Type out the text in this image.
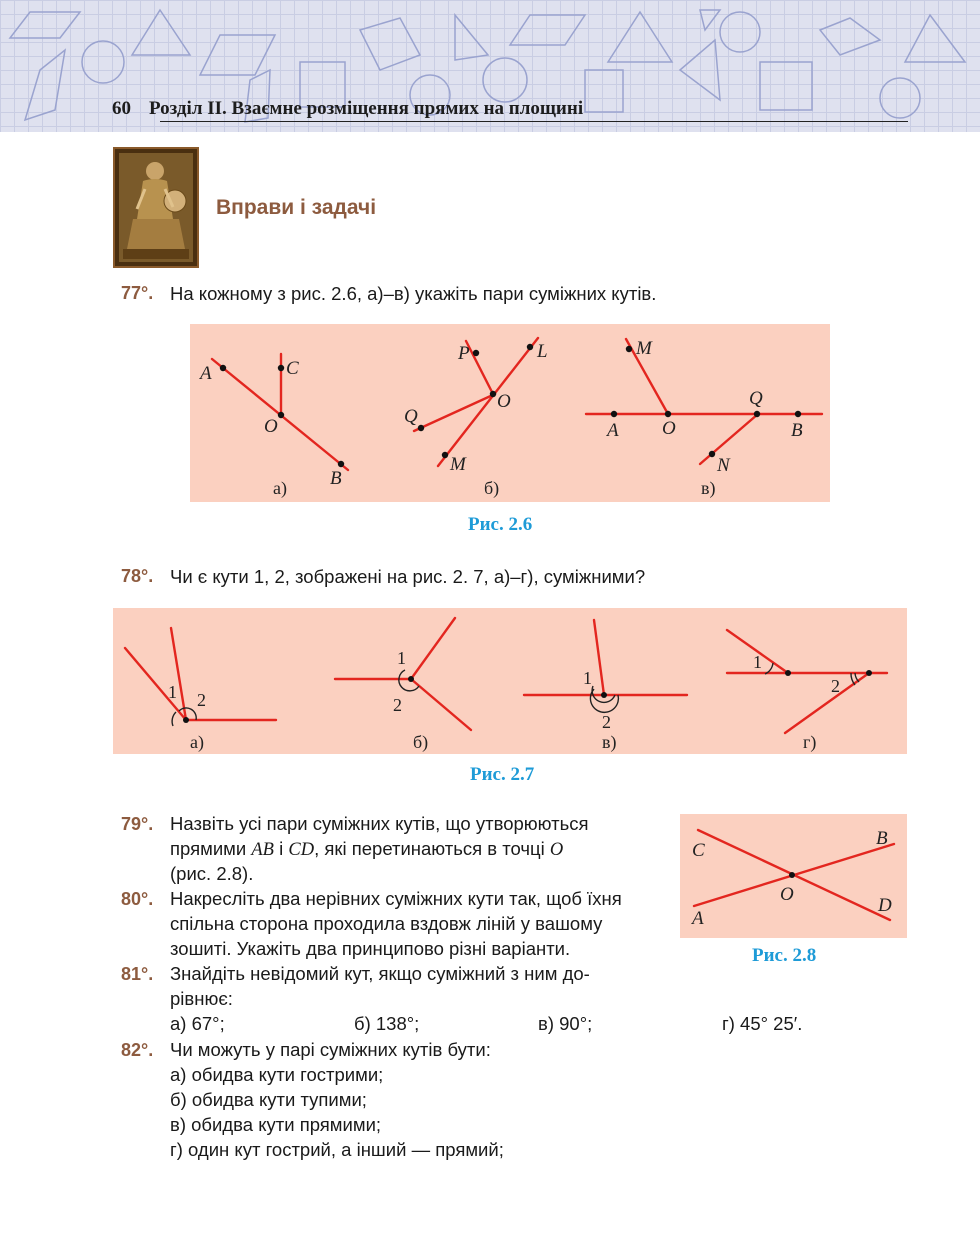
60 Розділ II. Взаємне розміщення прямих на площині
Вправи і задачі
77°. На кожному з рис. 2.6, а)–в) укажіть пари суміжних кутів.
A	C
O
B
а)
P	L
O
Q
M
б)
M
A O
Q
B
N
в)
Рис. 2.6
78°. Чи є кути 1, 2, зображені на рис. 2. 7, а)–г), суміжними?
1 2
а)
1
2
б)
1
2
в)
1
2
г)
Рис. 2.7
79°. Назвіть усі пари суміжних кутів, що утворюються
прямими AB і CD, які перетинаються в точці O
(рис. 2.8).
80°. Накресліть два нерівних суміжних кути так, щоб їхня
спільна сторона проходила вздовж ліній у вашому
зошиті. Укажіть два принципово різні варіанти.
B
C
O
A
D
Рис. 2.8
81°. Знайдіть невідомий кут, якщо суміжний з ним до-
рівнює:
а) 67°;	б) 138°;	в) 90°;	г) 45° 25′.
82°. Чи можуть у парі суміжних кутів бути:
а) обидва кути гострими;
б) обидва кути тупими;
в) обидва кути прямими;
г) один кут гострий, а інший — прямий;
